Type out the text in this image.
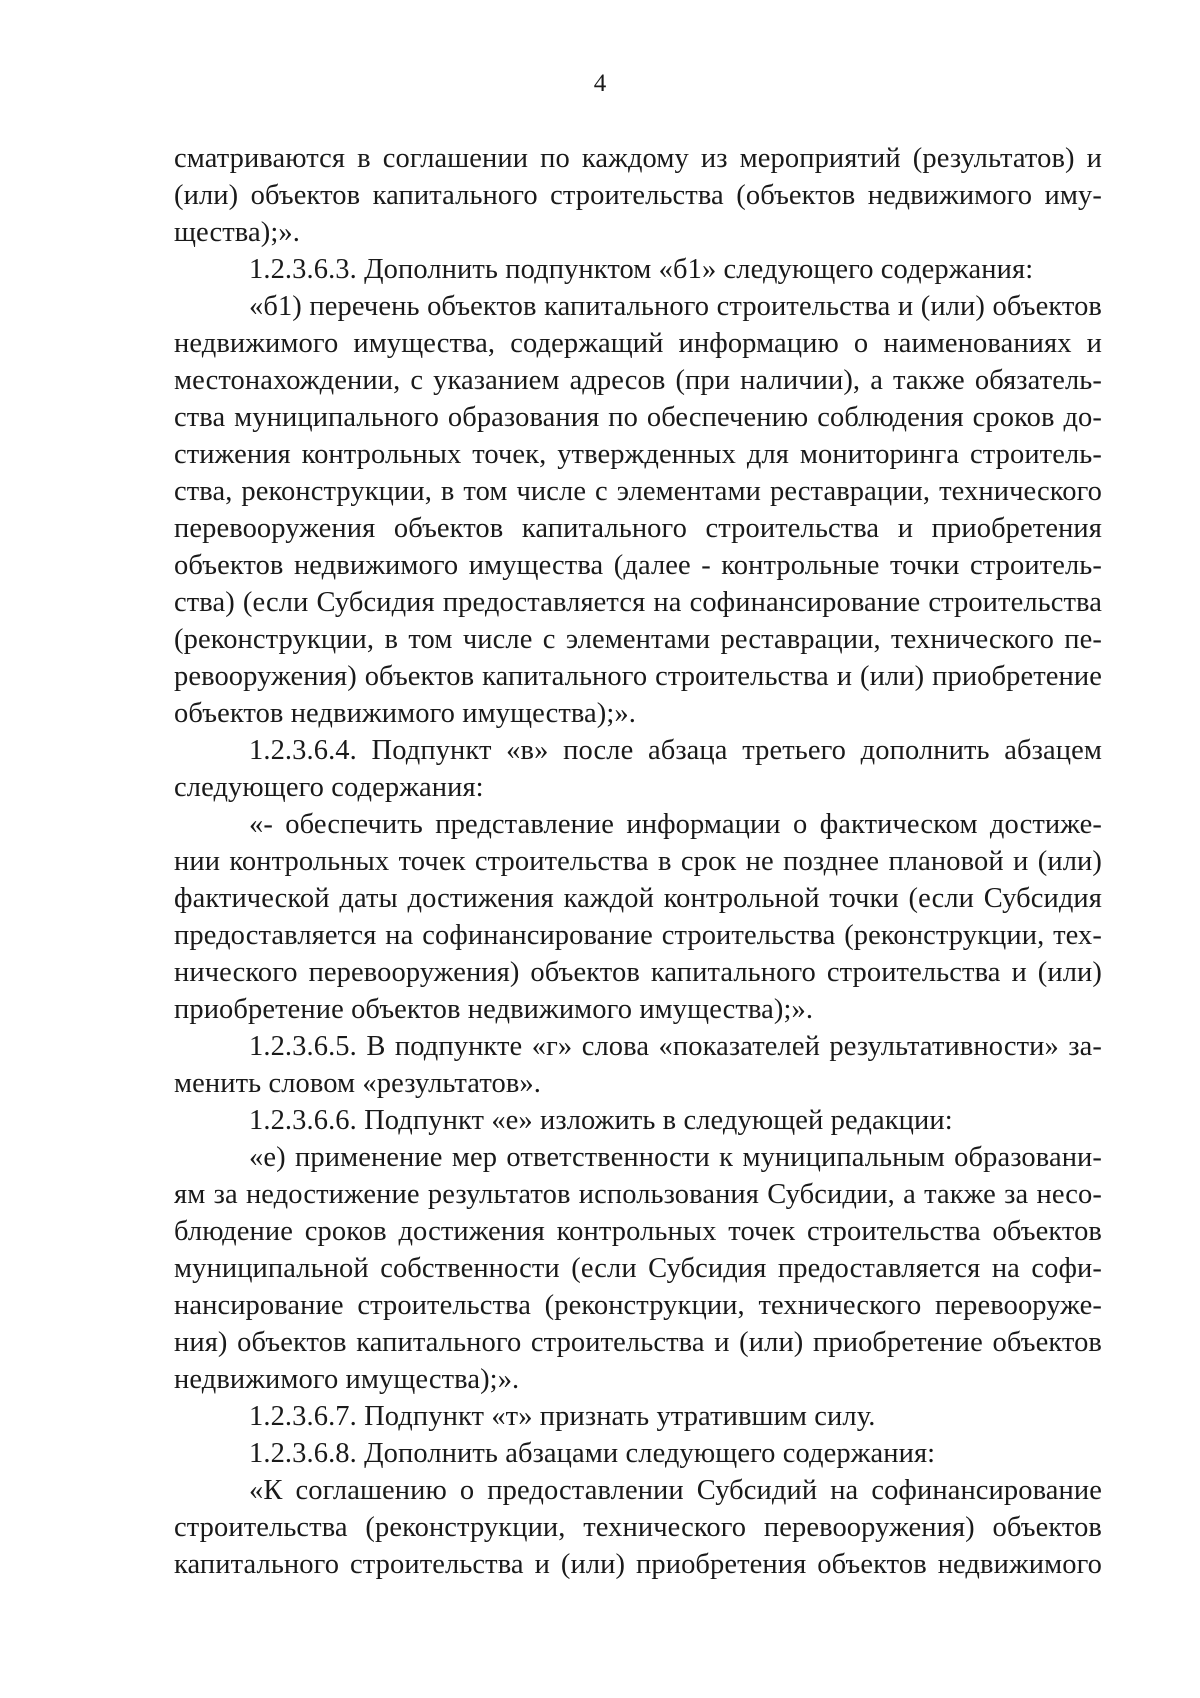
4
сматриваются в соглашении по каждому из мероприятий (результатов) и
(или) объектов капитального строительства (объектов недвижимого иму-
щества);».
1.2.3.6.3. Дополнить подпунктом «б1» следующего содержания:
«б1) перечень объектов капитального строительства и (или) объектов
недвижимого имущества, содержащий информацию о наименованиях и
местонахождении, с указанием адресов (при наличии), а также обязатель-
ства муниципального образования по обеспечению соблюдения сроков до-
стижения контрольных точек, утвержденных для мониторинга строитель-
ства, реконструкции, в том числе с элементами реставрации, технического
перевооружения объектов капитального строительства и приобретения
объектов недвижимого имущества (далее - контрольные точки строитель-
ства) (если Субсидия предоставляется на софинансирование строительства
(реконструкции, в том числе с элементами реставрации, технического пе-
ревооружения) объектов капитального строительства и (или) приобретение
объектов недвижимого имущества);».
1.2.3.6.4. Подпункт «в» после абзаца третьего дополнить абзацем
следующего содержания:
«- обеспечить представление информации о фактическом достиже-
нии контрольных точек строительства в срок не позднее плановой и (или)
фактической даты достижения каждой контрольной точки (если Субсидия
предоставляется на софинансирование строительства (реконструкции, тех-
нического перевооружения) объектов капитального строительства и (или)
приобретение объектов недвижимого имущества);».
1.2.3.6.5. В подпункте «г» слова «показателей результативности» за-
менить словом «результатов».
1.2.3.6.6. Подпункт «е» изложить в следующей редакции:
«е) применение мер ответственности к муниципальным образовани-
ям за недостижение результатов использования Субсидии, а также за несо-
блюдение сроков достижения контрольных точек строительства объектов
муниципальной собственности (если Субсидия предоставляется на софи-
нансирование строительства (реконструкции, технического перевооруже-
ния) объектов капитального строительства и (или) приобретение объектов
недвижимого имущества);».
1.2.3.6.7. Подпункт «т» признать утратившим силу.
1.2.3.6.8. Дополнить абзацами следующего содержания:
«К соглашению о предоставлении Субсидий на софинансирование
строительства (реконструкции, технического перевооружения) объектов
капитального строительства и (или) приобретения объектов недвижимого
